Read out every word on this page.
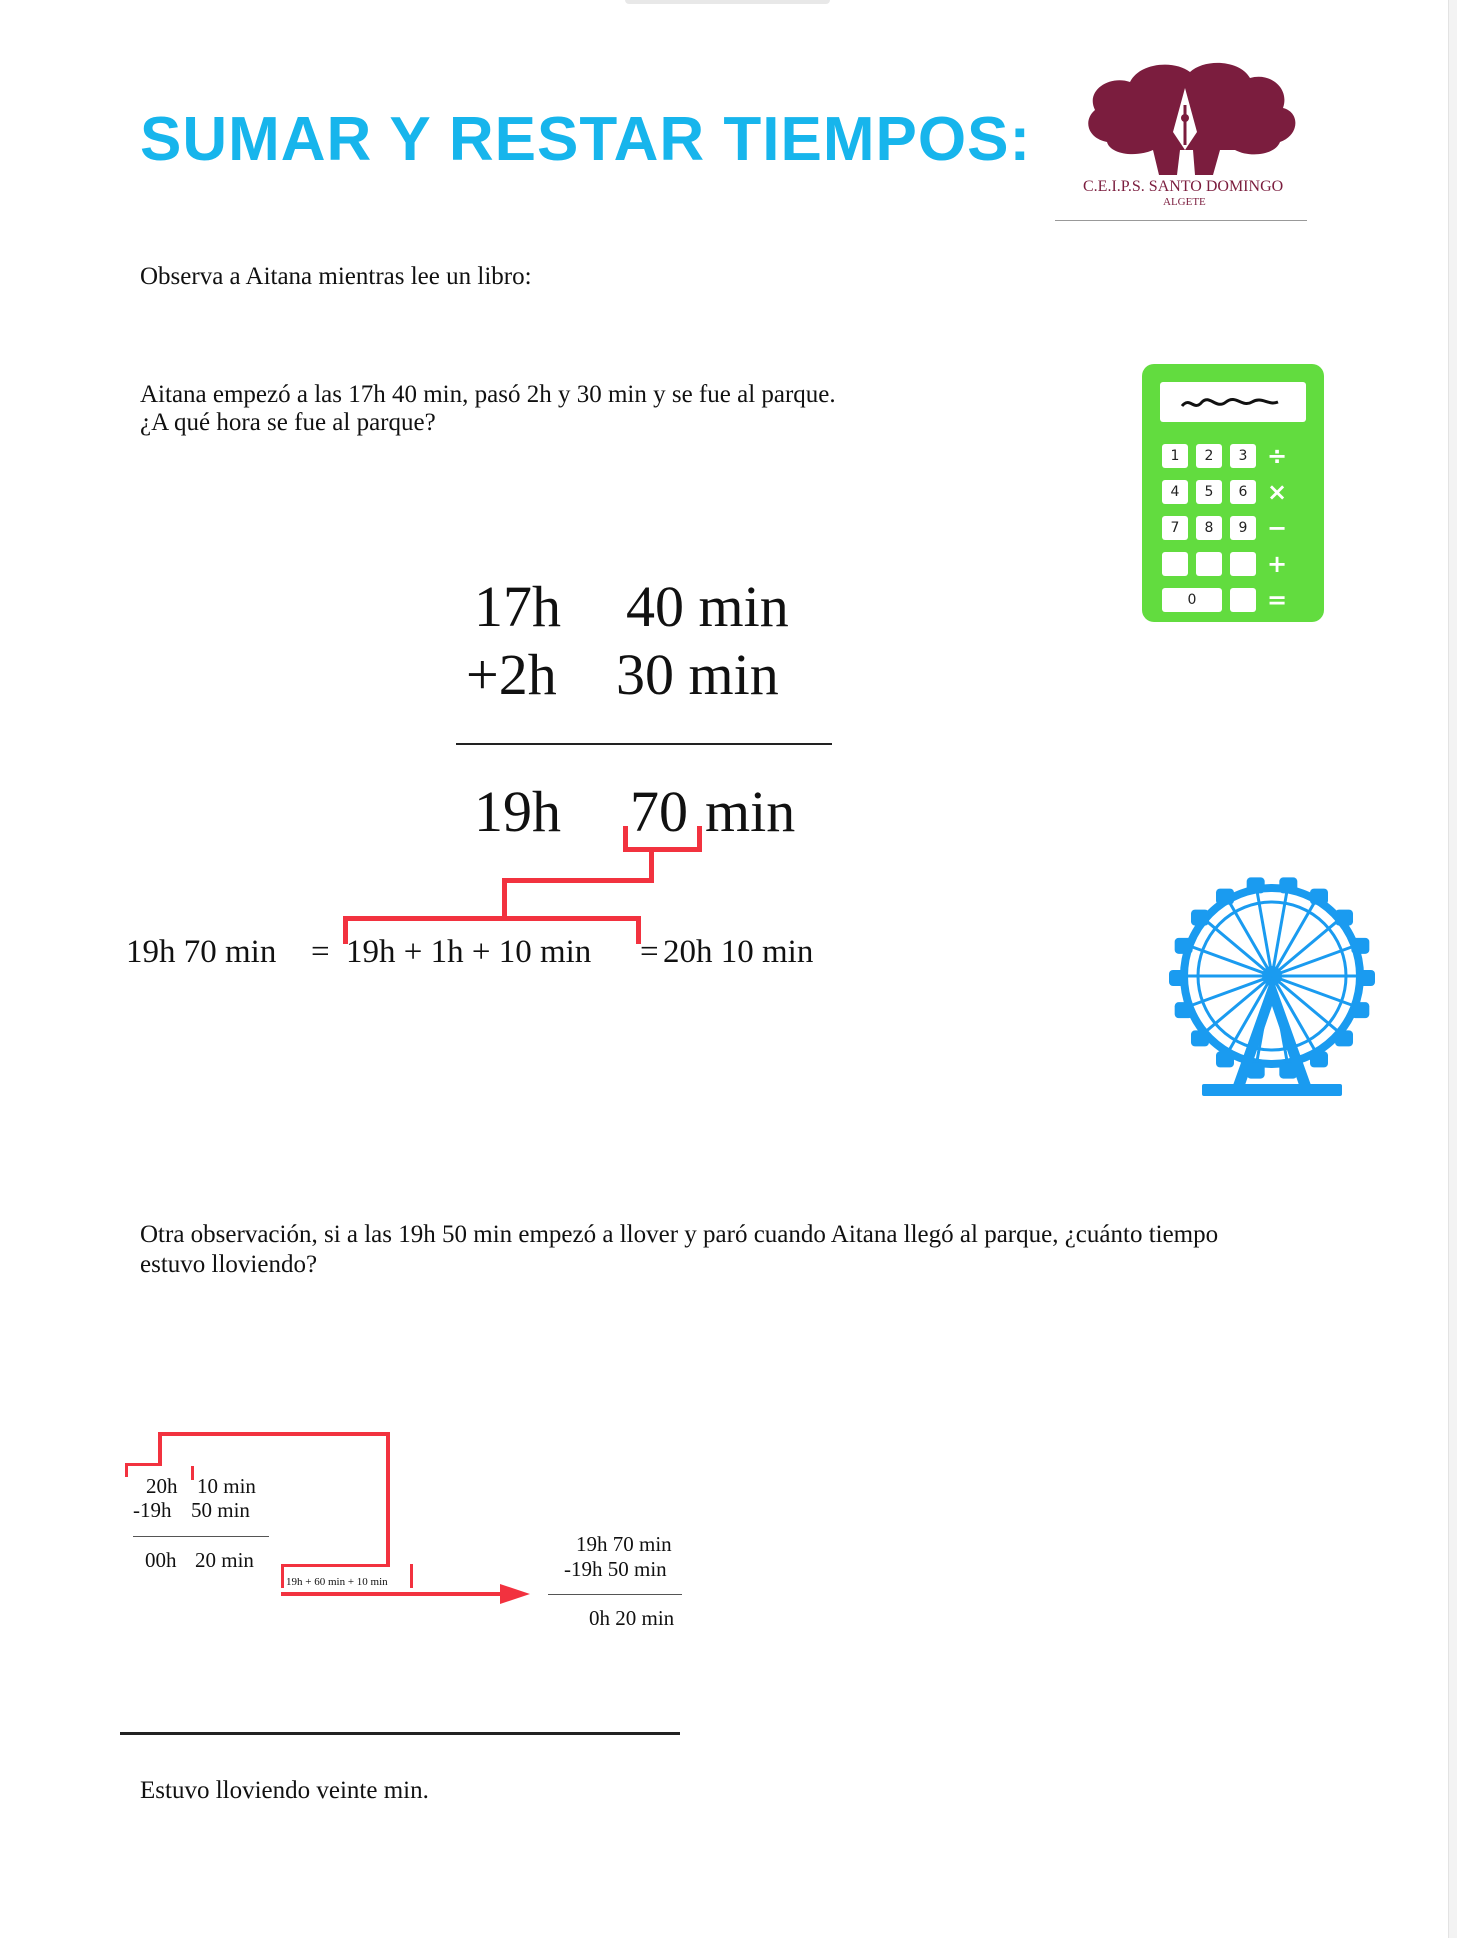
SUMAR Y RESTAR TIEMPOS:
C.E.I.P.S. SANTO DOMINGO
ALGETE
Observa a Aitana mientras lee un libro:
Aitana empezó a las 17h 40 min, pasó 2h y 30 min y se fue al parque.
¿A qué hora se fue al parque?
1	2	3 ÷
4	5	6 ×
7	8	9 −
+
0	=
17h 40 min
+2h 30 min
19h 70 min
19h 70 min = 19h + 1h + 10 min = 20h 10 min
Otra observación, si a las 19h 50 min empezó a llover y paró cuando Aitana llegó al parque, ¿cuánto tiempo
estuvo lloviendo?
19h + 60 min + 10 min
20h 10 min
-19h 50 min
00h 20 min
19h 70 min
-19h 50 min
0h 20 min
Estuvo lloviendo veinte min.
